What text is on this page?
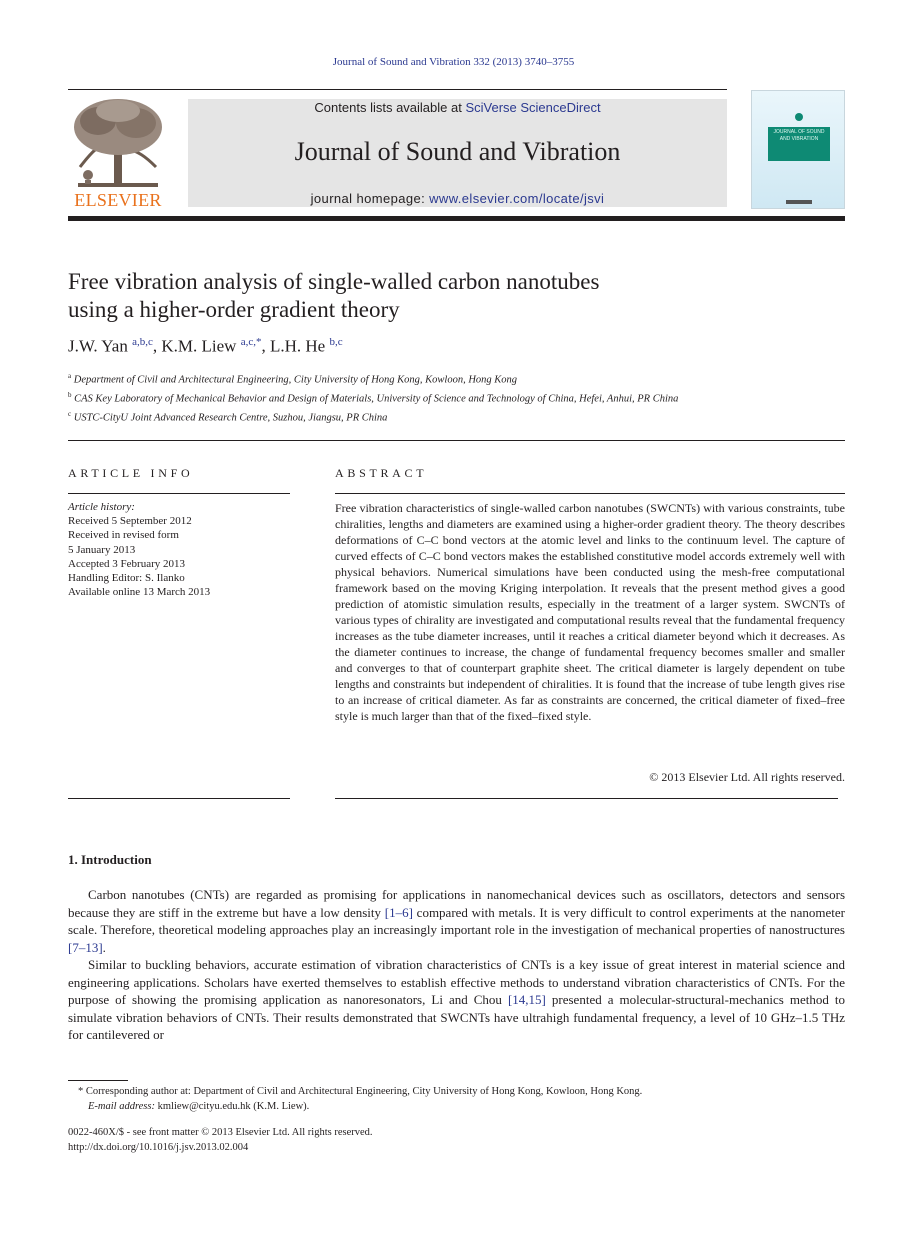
Journal of Sound and Vibration 332 (2013) 3740–3755
ELSEVIER
Contents lists available at SciVerse ScienceDirect
Journal of Sound and Vibration
journal homepage: www.elsevier.com/locate/jsvi
JOURNAL OF SOUND AND VIBRATION
Free vibration analysis of single-walled carbon nanotubes
using a higher-order gradient theory
J.W. Yan $^{a,b,c}$, K.M. Liew $^{a,c,*}$, L.H. He $^{b,c}$
$^a$ Department of Civil and Architectural Engineering, City University of Hong Kong, Kowloon, Hong Kong
$^b$ CAS Key Laboratory of Mechanical Behavior and Design of Materials, University of Science and Technology of China, Hefei, Anhui, PR China
$^c$ USTC-CityU Joint Advanced Research Centre, Suzhou, Jiangsu, PR China
ARTICLE INFO	ABSTRACT
Article history:
Received 5 September 2012
Received in revised form
5 January 2013
Accepted 3 February 2013
Handling Editor: S. Ilanko
Available online 13 March 2013
Free vibration characteristics of single-walled carbon nanotubes (SWCNTs) with various constraints, tube chiralities, lengths and diameters are examined using a higher-order gradient theory. The theory describes deformations of C–C bond vectors at the atomic level and links to the continuum level. The capture of curved effects of C–C bond vectors makes the established constitutive model accords extremely well with physical behaviors. Numerical simulations have been conducted using the mesh-free computational framework based on the moving Kriging interpolation. It reveals that the present method gives a good prediction of atomistic simulation results, especially in the treatment of a larger system. SWCNTs of various types of chirality are investigated and computational results reveal that the fundamental frequency increases as the tube diameter increases, until it reaches a critical diameter beyond which it decreases. As the diameter continues to increase, the change of fundamental frequency becomes smaller and smaller and converges to that of counterpart graphite sheet. The critical diameter is largely dependent on tube lengths and constraints but independent of chiralities. It is found that the increase of tube length gives rise to an increase of critical diameter. As far as constraints are concerned, the critical diameter of fixed–free style is much larger than that of the fixed–fixed style.
© 2013 Elsevier Ltd. All rights reserved.
1. Introduction

Carbon nanotubes (CNTs) are regarded as promising for applications in nanomechanical devices such as oscillators, detectors and sensors because they are stiff in the extreme but have a low density [1–6] compared with metals. It is very difficult to control experiments at the nanometer scale. Therefore, theoretical modeling approaches play an increasingly important role in the investigation of mechanical properties of nanostructures [7–13].

Similar to buckling behaviors, accurate estimation of vibration characteristics of CNTs is a key issue of great interest in material science and engineering applications. Scholars have exerted themselves to establish effective methods to understand vibration characteristics of CNTs. For the purpose of showing the promising application as nanoresonators, Li and Chou [14,15] presented a molecular-structural-mechanics method to simulate vibration behaviors of CNTs. Their results demonstrated that SWCNTs have ultrahigh fundamental frequency, a level of 10 GHz–1.5 THz for cantilevered or

* Corresponding author at: Department of Civil and Architectural Engineering, City University of Hong Kong, Kowloon, Hong Kong.
E-mail address: kmliew@cityu.edu.hk (K.M. Liew).
0022-460X/$ - see front matter © 2013 Elsevier Ltd. All rights reserved.
http://dx.doi.org/10.1016/j.jsv.2013.02.004
